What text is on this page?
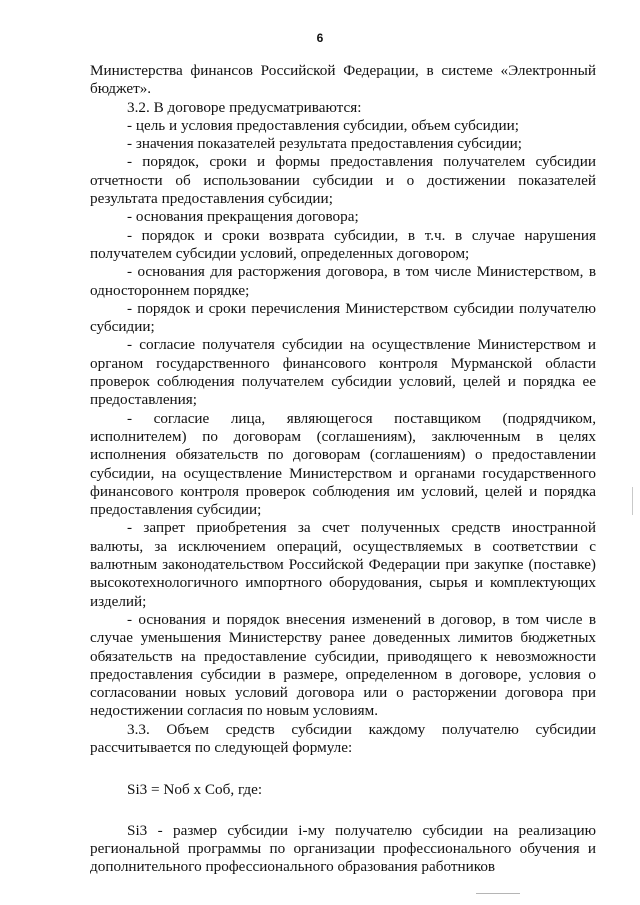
6

Министерства финансов Российской Федерации, в системе «Электронный бюджет».

3.2. В договоре предусматриваются:

- цель и условия предоставления субсидии, объем субсидии;

- значения показателей результата предоставления субсидии;

- порядок, сроки и формы предоставления получателем субсидии отчетности об использовании субсидии и о достижении показателей результата предоставления субсидии;

- основания прекращения договора;

- порядок и сроки возврата субсидии, в т.ч. в случае нарушения получателем субсидии условий, определенных договором;

- основания для расторжения договора, в том числе Министерством, в одностороннем порядке;

- порядок и сроки перечисления Министерством субсидии получателю субсидии;

- согласие получателя субсидии на осуществление Министерством и органом государственного финансового контроля Мурманской области проверок соблюдения получателем субсидии условий, целей и порядка ее предоставления;

- согласие лица, являющегося поставщиком (подрядчиком, исполнителем) по договорам (соглашениям), заключенным в целях исполнения обязательств по договорам (соглашениям) о предоставлении субсидии, на осуществление Министерством и органами государственного финансового контроля проверок соблюдения им условий, целей и порядка предоставления субсидии;

- запрет приобретения за счет полученных средств иностранной валюты, за исключением операций, осуществляемых в соответствии с валютным законодательством Российской Федерации при закупке (поставке) высокотехнологичного импортного оборудования, сырья и комплектующих изделий;

- основания и порядок внесения изменений в договор, в том числе в случае уменьшения Министерству ранее доведенных лимитов бюджетных обязательств на предоставление субсидии, приводящего к невозможности предоставления субсидии в размере, определенном в договоре, условия о согласовании новых условий договора или о расторжении договора при недостижении согласия по новым условиям.

3.3. Объем средств субсидии каждому получателю субсидии рассчитывается по следующей формуле:

Si3 = Nоб x Cоб, где:

Si3 - размер субсидии i-му получателю субсидии на реализацию региональной программы по организации профессионального обучения и дополнительного профессионального образования работников
